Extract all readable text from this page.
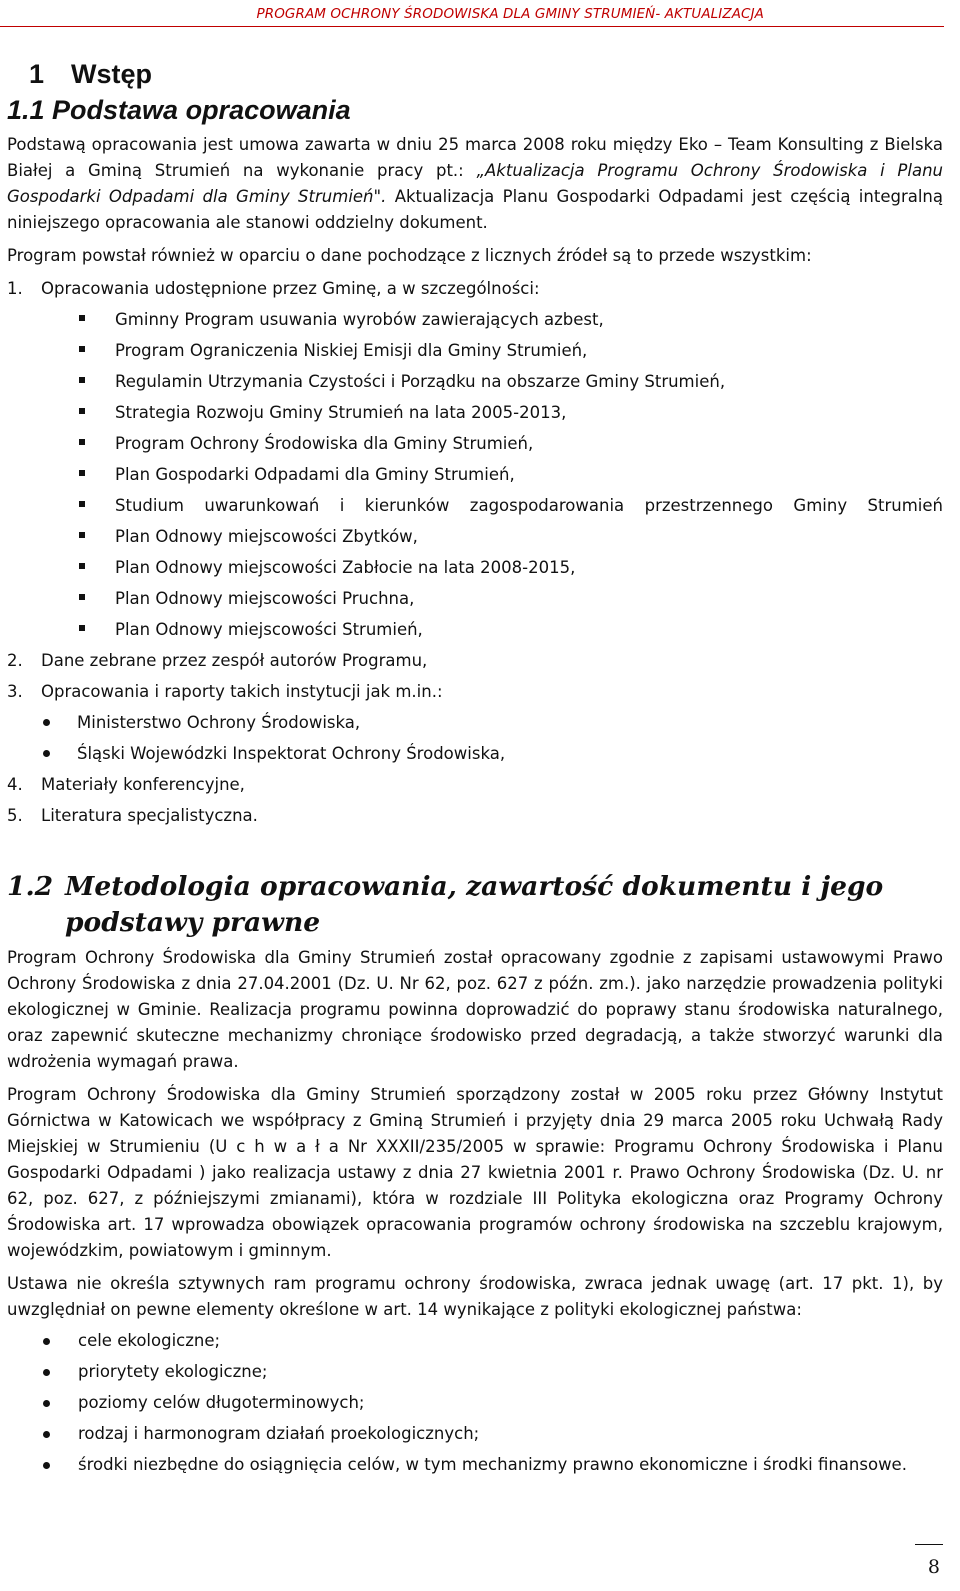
PROGRAM OCHRONY ŚRODOWISKA DLA GMINY STRUMIEŃ- AKTUALIZACJA
1 Wstęp
1.1 Podstawa opracowania

Podstawą opracowania jest umowa zawarta w dniu 25 marca 2008 roku między Eko – Team Konsulting z Bielska Białej a Gminą Strumień na wykonanie pracy pt.: „Aktualizacja Programu Ochrony Środowiska i Planu Gospodarki Odpadami dla Gminy Strumień". Aktualizacja Planu Gospodarki Odpadami jest częścią integralną niniejszego opracowania ale stanowi oddzielny dokument.

Program powstał również w oparciu o dane pochodzące z licznych źródeł są to przede wszystkim:

1. Opracowania udostępnione przez Gminę, a w szczególności:
Gminny Program usuwania wyrobów zawierających azbest,
Program Ograniczenia Niskiej Emisji dla Gminy Strumień,
Regulamin Utrzymania Czystości i Porządku na obszarze Gminy Strumień,
Strategia Rozwoju Gminy Strumień na lata 2005-2013,
Program Ochrony Środowiska dla Gminy Strumień,
Plan Gospodarki Odpadami dla Gminy Strumień,
Studium uwarunkowań i kierunków zagospodarowania przestrzennego Gminy Strumień
Plan Odnowy miejscowości Zbytków,
Plan Odnowy miejscowości Zabłocie na lata 2008-2015,
Plan Odnowy miejscowości Pruchna,
Plan Odnowy miejscowości Strumień,
2. Dane zebrane przez zespół autorów Programu,
3. Opracowania i raporty takich instytucji jak m.in.:
Ministerstwo Ochrony Środowiska,
Śląski Wojewódzki Inspektorat Ochrony Środowiska,
4. Materiały konferencyjne,
5. Literatura specjalistyczna.
1.2 Metodologia opracowania, zawartość dokumentu i jego podstawy prawne

Program Ochrony Środowiska dla Gminy Strumień został opracowany zgodnie z zapisami ustawowymi Prawo Ochrony Środowiska z dnia 27.04.2001 (Dz. U. Nr 62, poz. 627 z późn. zm.). jako narzędzie prowadzenia polityki ekologicznej w Gminie. Realizacja programu powinna doprowadzić do poprawy stanu środowiska naturalnego, oraz zapewnić skuteczne mechanizmy chroniące środowisko przed degradacją, a także stworzyć warunki dla wdrożenia wymagań prawa.

Program Ochrony Środowiska dla Gminy Strumień sporządzony został w 2005 roku przez Główny Instytut Górnictwa w Katowicach we współpracy z Gminą Strumień i przyjęty dnia 29 marca 2005 roku Uchwałą Rady Miejskiej w Strumieniu (U c h w a ł a Nr XXXII/235/2005 w sprawie: Programu Ochrony Środowiska i Planu Gospodarki Odpadami ) jako realizacja ustawy z dnia 27 kwietnia 2001 r. Prawo Ochrony Środowiska (Dz. U. nr 62, poz. 627, z późniejszymi zmianami), która w rozdziale III Polityka ekologiczna oraz Programy Ochrony Środowiska art. 17 wprowadza obowiązek opracowania programów ochrony środowiska na szczeblu krajowym, wojewódzkim, powiatowym i gminnym.

Ustawa nie określa sztywnych ram programu ochrony środowiska, zwraca jednak uwagę (art. 17 pkt. 1), by uwzględniał on pewne elementy określone w art. 14 wynikające z polityki ekologicznej państwa:

cele ekologiczne;
priorytety ekologiczne;
poziomy celów długoterminowych;
rodzaj i harmonogram działań proekologicznych;
środki niezbędne do osiągnięcia celów, w tym mechanizmy prawno ekonomiczne i środki finansowe.
8
